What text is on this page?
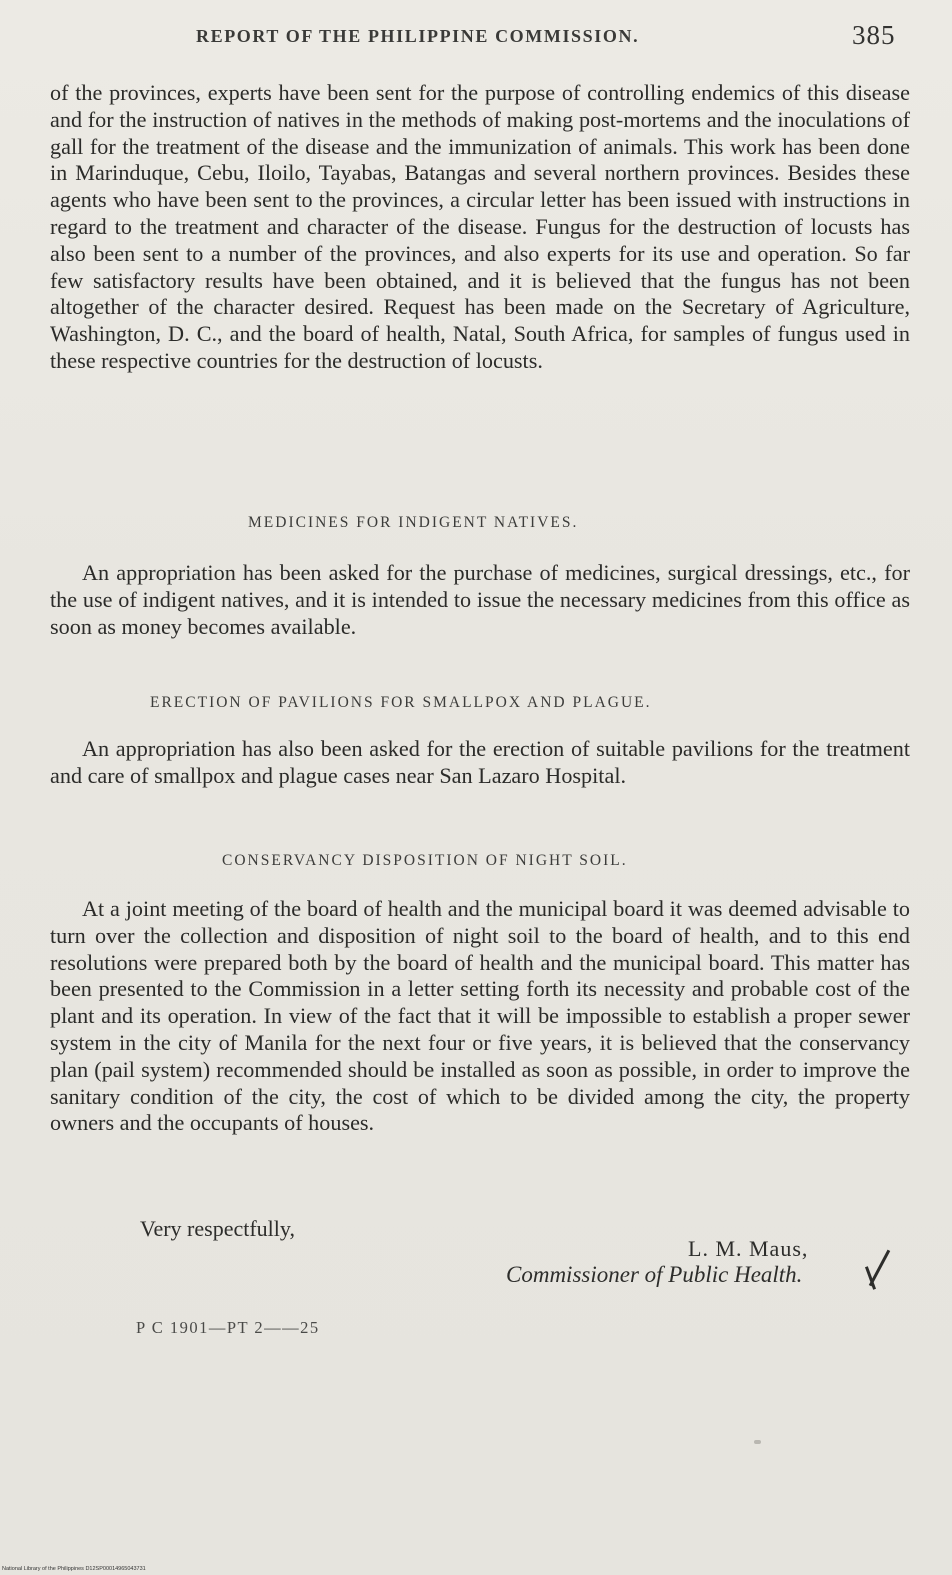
REPORT OF THE PHILIPPINE COMMISSION.	385

of the provinces, experts have been sent for the purpose of controlling endemics of this disease and for the instruction of natives in the methods of making post-mortems and the inoculations of gall for the treatment of the disease and the immunization of animals. This work has been done in Marinduque, Cebu, Iloilo, Tayabas, Batangas and several northern provinces. Besides these agents who have been sent to the provinces, a circular letter has been issued with instructions in regard to the treatment and character of the disease. Fungus for the destruction of locusts has also been sent to a number of the provinces, and also experts for its use and operation. So far few satisfactory results have been obtained, and it is believed that the fungus has not been altogether of the character desired. Request has been made on the Secretary of Agriculture, Washington, D. C., and the board of health, Natal, South Africa, for samples of fungus used in these respective countries for the destruction of locusts.

MEDICINES FOR INDIGENT NATIVES.

An appropriation has been asked for the purchase of medicines, surgical dressings, etc., for the use of indigent natives, and it is intended to issue the necessary medicines from this office as soon as money becomes available.

ERECTION OF PAVILIONS FOR SMALLPOX AND PLAGUE.

An appropriation has also been asked for the erection of suitable pavilions for the treatment and care of smallpox and plague cases near San Lazaro Hospital.

CONSERVANCY DISPOSITION OF NIGHT SOIL.

At a joint meeting of the board of health and the municipal board it was deemed advisable to turn over the collection and disposition of night soil to the board of health, and to this end resolutions were prepared both by the board of health and the municipal board. This matter has been presented to the Commission in a letter setting forth its necessity and probable cost of the plant and its operation. In view of the fact that it will be impossible to establish a proper sewer system in the city of Manila for the next four or five years, it is believed that the conservancy plan (pail system) recommended should be installed as soon as possible, in order to improve the sanitary condition of the city, the cost of which to be divided among the city, the property owners and the occupants of houses.

Very respectfully,
L. M. Maus,
Commissioner of Public Health.
P C 1901—PT 2——25
National Library of the Philippines D12SP00014965043731
